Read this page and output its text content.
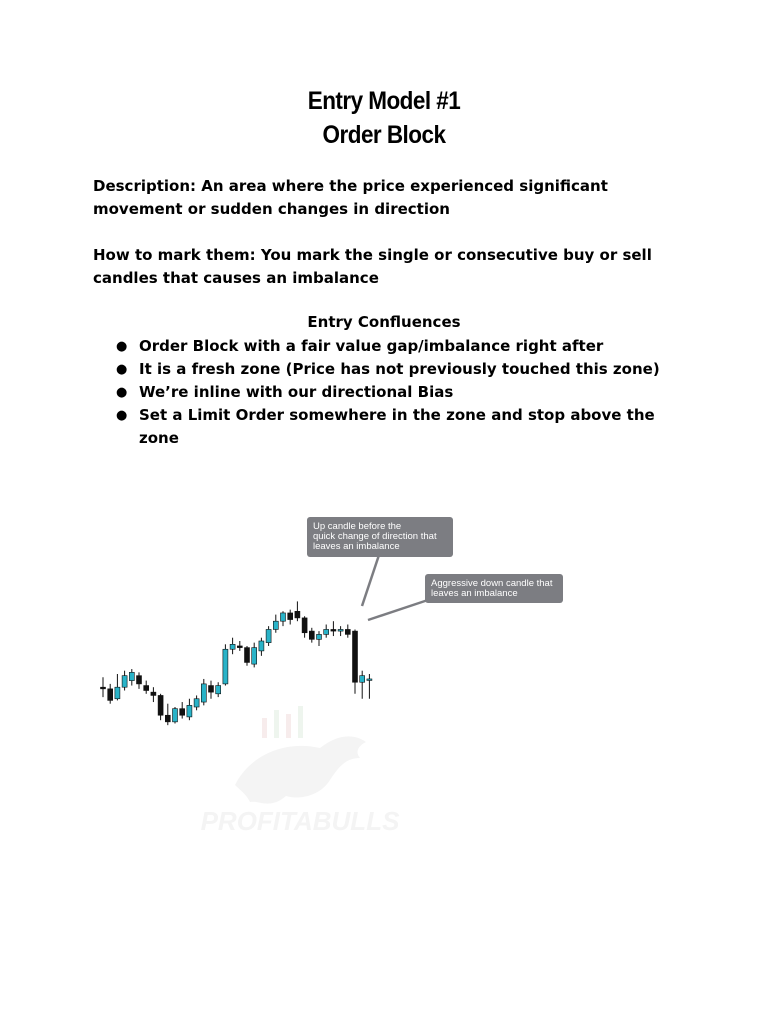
Entry Model #1
Order Block
Description: An area where the price experienced significant
movement or sudden changes in direction
How to mark them: You mark the single or consecutive buy or sell
candles that causes an imbalance
Entry Confluences
● Order Block with a fair value gap/imbalance right after
● It is a fresh zone (Price has not previously touched this zone)
● We’re inline with our directional Bias
● Set a Limit Order somewhere in the zone and stop above the
zone
PROFITABULLS
Up candle before the
quick change of direction that
leaves an imbalance
Aggressive down candle that
leaves an imbalance
